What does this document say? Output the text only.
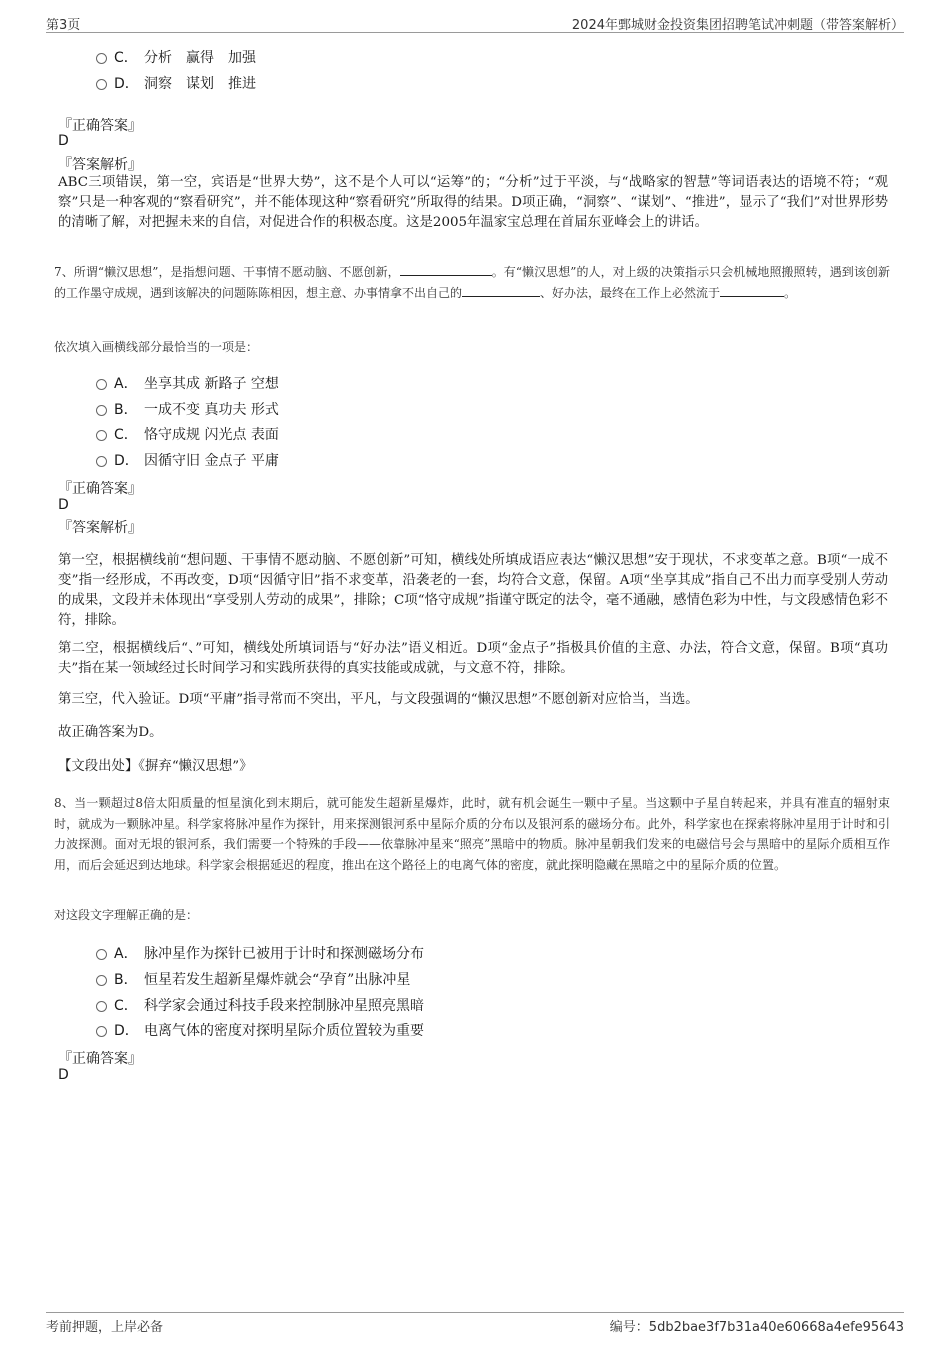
第3页	2024年鄄城财金投资集团招聘笔试冲刺题（带答案解析）
C． 分析　赢得　加强
D． 洞察　谋划　推进
『正确答案』
D
『答案解析』

ABC三项错误，第一空，宾语是“世界大势”，这不是个人可以“运筹”的；“分析”过于平淡，与“战略家的智慧”等词语表达的语境不符；“观察”只是一种客观的“察看研究”，并不能体现这种“察看研究”所取得的结果。D项正确，“洞察”、“谋划”、“推进”，显示了“我们”对世界形势的清晰了解，对把握未来的自信，对促进合作的积极态度。这是2005年温家宝总理在首届东亚峰会上的讲话。

7、所谓“懒汉思想”，是指想问题、干事情不愿动脑、不愿创新，	。有“懒汉思想”的人，对上级的决策指示只会机械地照搬照转，遇到该创新的工作墨守成规，遇到该解决的问题陈陈相因，想主意、办事情拿不出自己的	、好办法，最终在工作上必然流于	。

依次填入画横线部分最恰当的一项是：
A． 坐享其成 新路子 空想
B． 一成不变 真功夫 形式
C． 恪守成规 闪光点 表面
D． 因循守旧 金点子 平庸
『正确答案』
D
『答案解析』

第一空，根据横线前“想问题、干事情不愿动脑、不愿创新”可知，横线处所填成语应表达“懒汉思想”安于现状，不求变革之意。B项“一成不变”指一经形成，不再改变，D项“因循守旧”指不求变革，沿袭老的一套，均符合文意，保留。A项“坐享其成”指自己不出力而享受别人劳动的成果，文段并未体现出“享受别人劳动的成果”，排除；C项“恪守成规”指谨守既定的法令，毫不通融，感情色彩为中性，与文段感情色彩不符，排除。

第二空，根据横线后“、”可知，横线处所填词语与“好办法”语义相近。D项“金点子”指极具价值的主意、办法，符合文意，保留。B项“真功夫”指在某一领域经过长时间学习和实践所获得的真实技能或成就，与文意不符，排除。

第三空，代入验证。D项“平庸”指寻常而不突出，平凡，与文段强调的“懒汉思想”不愿创新对应恰当，当选。

故正确答案为D。

【文段出处】《摒弃“懒汉思想”》

8、当一颗超过8倍太阳质量的恒星演化到末期后，就可能发生超新星爆炸，此时，就有机会诞生一颗中子星。当这颗中子星自转起来，并具有准直的辐射束时，就成为一颗脉冲星。科学家将脉冲星作为探针，用来探测银河系中星际介质的分布以及银河系的磁场分布。此外，科学家也在探索将脉冲星用于计时和引力波探测。面对无垠的银河系，我们需要一个特殊的手段——依靠脉冲星来“照亮”黑暗中的物质。脉冲星朝我们发来的电磁信号会与黑暗中的星际介质相互作用，而后会延迟到达地球。科学家会根据延迟的程度，推出在这个路径上的电离气体的密度，就此探明隐藏在黑暗之中的星际介质的位置。

对这段文字理解正确的是：
A． 脉冲星作为探针已被用于计时和探测磁场分布
B． 恒星若发生超新星爆炸就会“孕育”出脉冲星
C． 科学家会通过科技手段来控制脉冲星照亮黑暗
D． 电离气体的密度对探明星际介质位置较为重要
『正确答案』
D
考前押题，上岸必备	编号：5db2bae3f7b31a40e60668a4efe95643
